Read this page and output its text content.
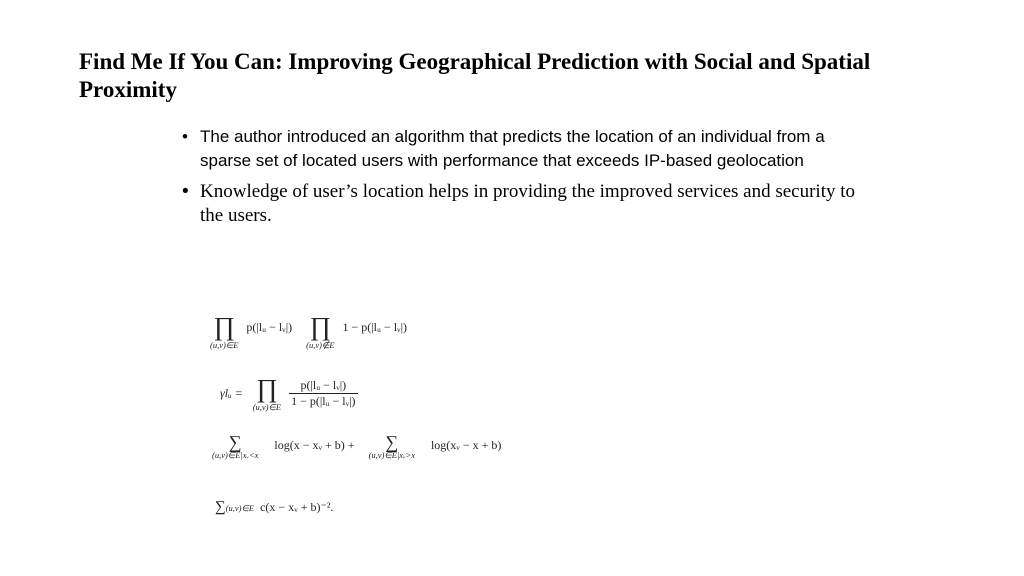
Find Me If You Can: Improving Geographical Prediction with Social and Spatial Proximity
• The author introduced an algorithm that predicts the location of an individual from a sparse set of located users with performance that exceeds IP-based geolocation
• Knowledge of user’s location helps in providing the improved services and security to the users.
∏
(u,v)∈E
p(|lᵤ − lᵥ|) ∏
(u,v)∉E
1 − p(|lᵤ − lᵥ|)
γlᵤ = ∏
(u,v)∈E
$\frac{\text{p(|lᵤ − lᵥ|)}}{\text{1 − p(|lᵤ − lᵥ|)}}$
∑
(u,v)∈E|xᵥ<x
log(x − xᵥ + b) +	∑
(u,v)∈E|xᵥ>x
log(xᵥ − x + b)
∑(u,v)∈E c(x − xᵥ + b)⁻².
